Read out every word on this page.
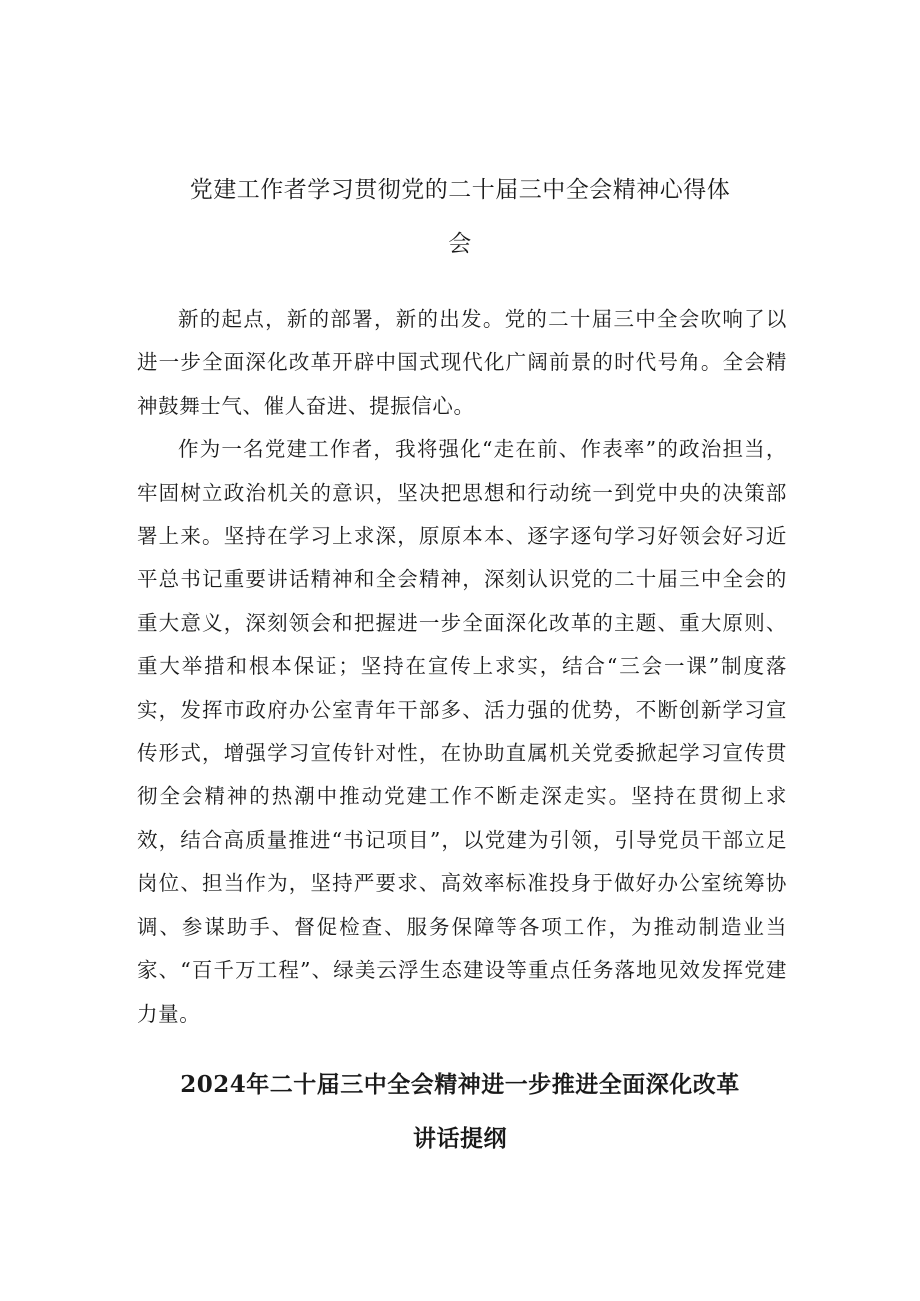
党建工作者学习贯彻党的二十届三中全会精神心得体
会

新的起点，新的部署，新的出发。党的二十届三中全会吹响了以进一步全面深化改革开辟中国式现代化广阔前景的时代号角。全会精神鼓舞士气、催人奋进、提振信心。

作为一名党建工作者，我将强化“走在前、作表率”的政治担当，牢固树立政治机关的意识，坚决把思想和行动统一到党中央的决策部署上来。坚持在学习上求深，原原本本、逐字逐句学习好领会好习近平总书记重要讲话精神和全会精神，深刻认识党的二十届三中全会的重大意义，深刻领会和把握进一步全面深化改革的主题、重大原则、重大举措和根本保证；坚持在宣传上求实，结合“三会一课”制度落实，发挥市政府办公室青年干部多、活力强的优势，不断创新学习宣传形式，增强学习宣传针对性，在协助直属机关党委掀起学习宣传贯彻全会精神的热潮中推动党建工作不断走深走实。坚持在贯彻上求效，结合高质量推进“书记项目”，以党建为引领，引导党员干部立足岗位、担当作为，坚持严要求、高效率标准投身于做好办公室统筹协调、参谋助手、督促检查、服务保障等各项工作，为推动制造业当家、“百千万工程”、绿美云浮生态建设等重点任务落地见效发挥党建力量。

2024年二十届三中全会精神进一步推进全面深化改革
讲话提纲
